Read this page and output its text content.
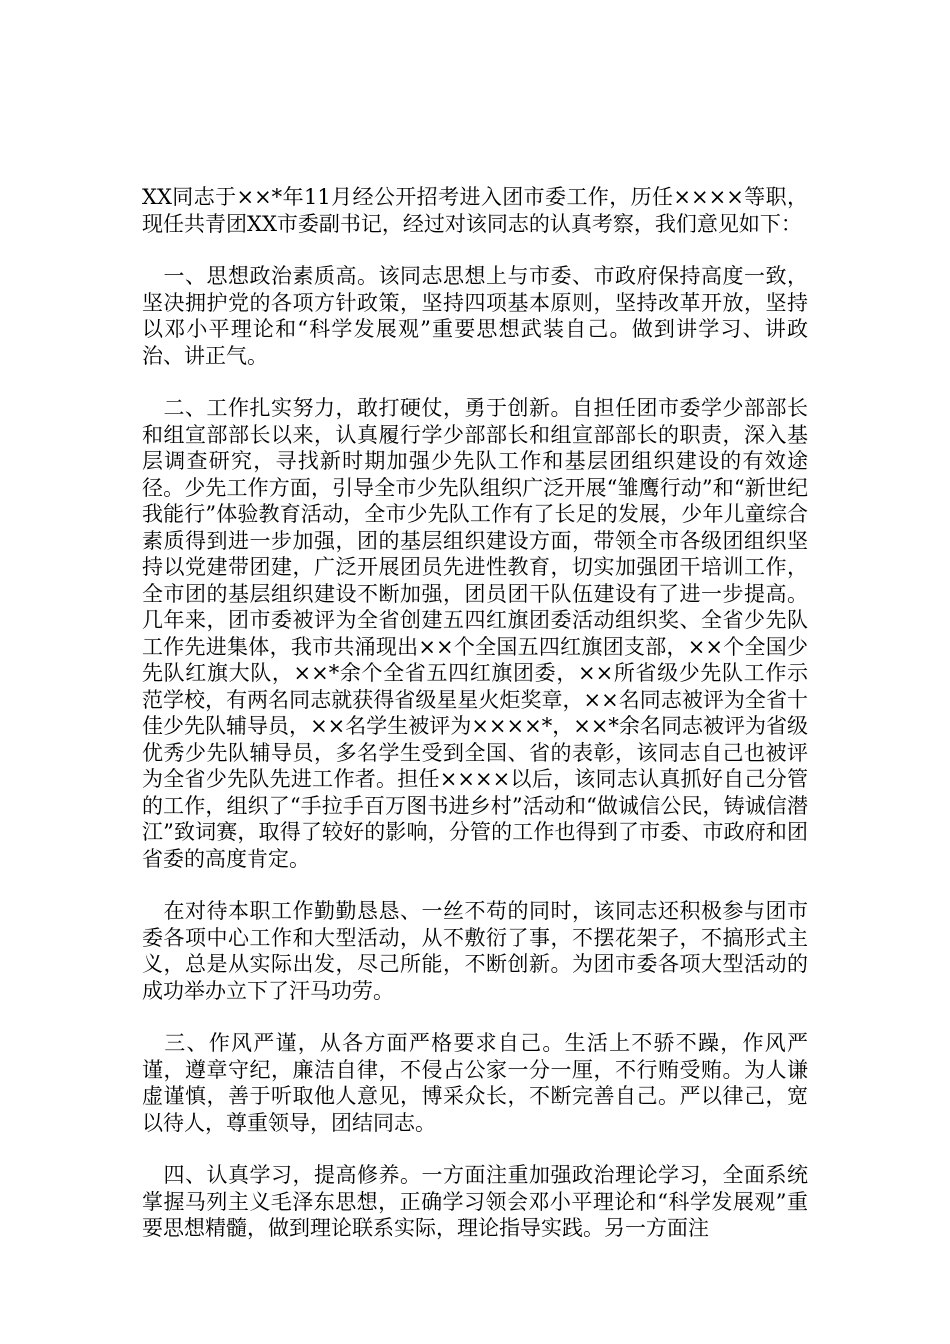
XX同志于××*年11月经公开招考进入团市委工作，历任××××等职，现任共青团XX市委副书记，经过对该同志的认真考察，我们意见如下：

　一、思想政治素质高。该同志思想上与市委、市政府保持高度一致，坚决拥护党的各项方针政策，坚持四项基本原则，坚持改革开放，坚持以邓小平理论和“科学发展观”重要思想武装自己。做到讲学习、讲政治、讲正气。

　二、工作扎实努力，敢打硬仗，勇于创新。自担任团市委学少部部长和组宣部部长以来，认真履行学少部部长和组宣部部长的职责，深入基层调查研究，寻找新时期加强少先队工作和基层团组织建设的有效途径。少先工作方面，引导全市少先队组织广泛开展“雏鹰行动”和“新世纪我能行”体验教育活动，全市少先队工作有了长足的发展，少年儿童综合素质得到进一步加强，团的基层组织建设方面，带领全市各级团组织坚持以党建带团建，广泛开展团员先进性教育，切实加强团干培训工作，全市团的基层组织建设不断加强，团员团干队伍建设有了进一步提高。几年来，团市委被评为全省创建五四红旗团委活动组织奖、全省少先队工作先进集体，我市共涌现出××个全国五四红旗团支部，××个全国少先队红旗大队，××*余个全省五四红旗团委，××所省级少先队工作示范学校，有两名同志就获得省级星星火炬奖章，××名同志被评为全省十佳少先队辅导员，××名学生被评为××××*，××*余名同志被评为省级优秀少先队辅导员，多名学生受到全国、省的表彰，该同志自己也被评为全省少先队先进工作者。担任××××以后，该同志认真抓好自己分管的工作，组织了“手拉手百万图书进乡村”活动和“做诚信公民，铸诚信潜江”致词赛，取得了较好的影响，分管的工作也得到了市委、市政府和团省委的高度肯定。

　在对待本职工作勤勤恳恳、一丝不苟的同时，该同志还积极参与团市委各项中心工作和大型活动，从不敷衍了事，不摆花架子，不搞形式主义，总是从实际出发，尽己所能，不断创新。为团市委各项大型活动的成功举办立下了汗马功劳。

　三、作风严谨，从各方面严格要求自己。生活上不骄不躁，作风严谨，遵章守纪，廉洁自律，不侵占公家一分一厘，不行贿受贿。为人谦虚谨慎，善于听取他人意见，博采众长，不断完善自己。严以律己，宽以待人，尊重领导，团结同志。

　四、认真学习，提高修养。一方面注重加强政治理论学习，全面系统掌握马列主义毛泽东思想，正确学习领会邓小平理论和“科学发展观”重要思想精髓，做到理论联系实际，理论指导实践。另一方面注
